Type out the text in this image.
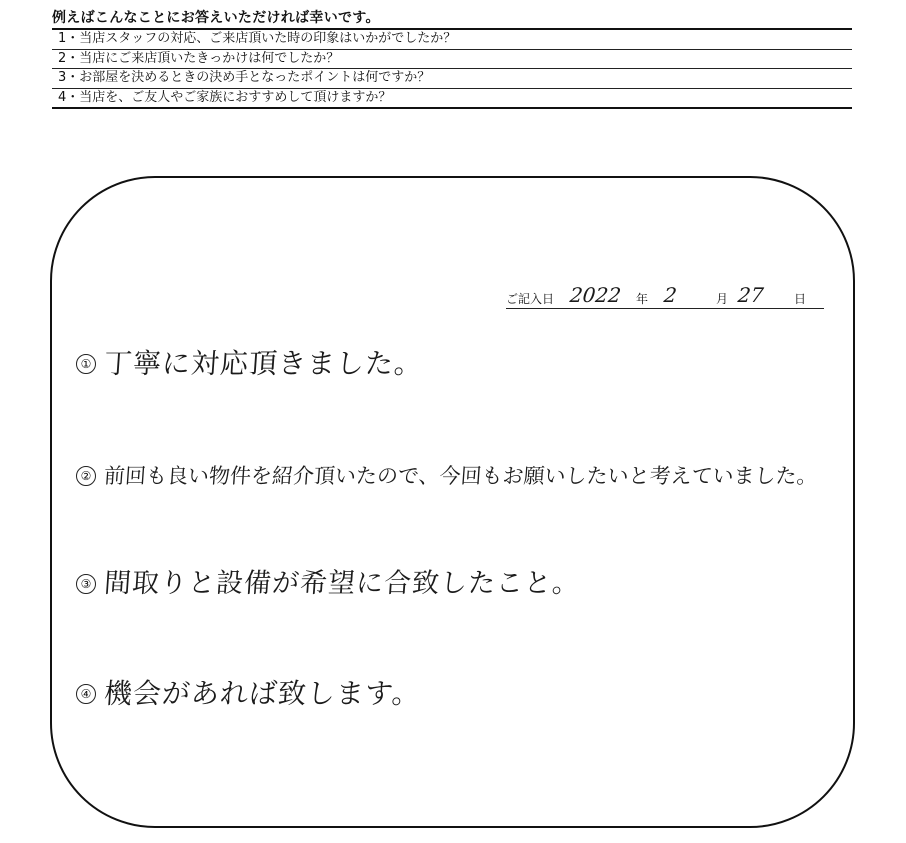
例えばこんなことにお答えいただければ幸いです。
1・当店スタッフの対応、ご来店頂いた時の印象はいかがでしたか？
2・当店にご来店頂いたきっかけは何でしたか？
3・お部屋を決めるときの決め手となったポイントは何ですか？
4・当店を、ご友人やご家族におすすめして頂けますか？
ご記入日 2022 年 2	月 27 日
① 丁寧に対応頂きました。
② 前回も良い物件を紹介頂いたので、今回もお願いしたいと考えていました。
③ 間取りと設備が希望に合致したこと。
④ 機会があれば致します。
